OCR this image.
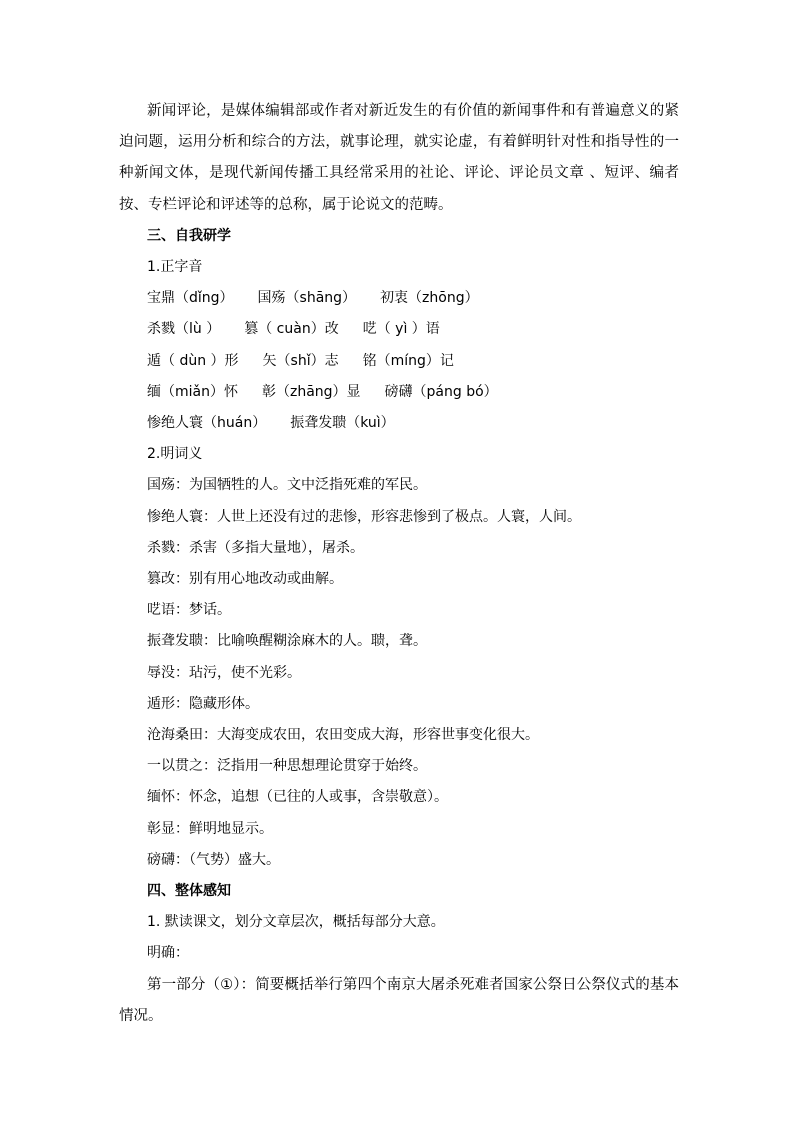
新闻评论，是媒体编辑部或作者对新近发生的有价值的新闻事件和有普遍意义的紧迫问题，运用分析和综合的方法，就事论理，就实论虚，有着鲜明针对性和指导性的一种新闻文体，是现代新闻传播工具经常采用的社论、评论、评论员文章 、短评、编者按、专栏评论和评述等的总称，属于论说文的范畴。

三、自我研学

1.正字音

宝鼎（dǐng） 国殇（shāng） 初衷（zhōng）

杀戮（lù ） 篡（ cuàn）改 呓（ yì ）语

遁（ dùn ）形 矢（shǐ）志 铭（míng）记

缅（miǎn）怀 彰（zhāng）显 磅礴（páng bó）

惨绝人寰（huán） 振聋发聩（kuì）

2.明词义

国殇：为国牺牲的人。文中泛指死难的军民。

惨绝人寰：人世上还没有过的悲惨，形容悲惨到了极点。人寰，人间。

杀戮：杀害（多指大量地），屠杀。

篡改：别有用心地改动或曲解。

呓语：梦话。

振聋发聩：比喻唤醒糊涂麻木的人。聩，聋。

辱没：玷污，使不光彩。

遁形：隐藏形体。

沧海桑田：大海变成农田，农田变成大海，形容世事变化很大。

一以贯之：泛指用一种思想理论贯穿于始终。

缅怀：怀念，追想（已往的人或事，含崇敬意）。

彰显：鲜明地显示。

磅礴：（气势）盛大。

四、整体感知

1. 默读课文，划分文章层次，概括每部分大意。

明确：

第一部分（①）：简要概括举行第四个南京大屠杀死难者国家公祭日公祭仪式的基本情况。
